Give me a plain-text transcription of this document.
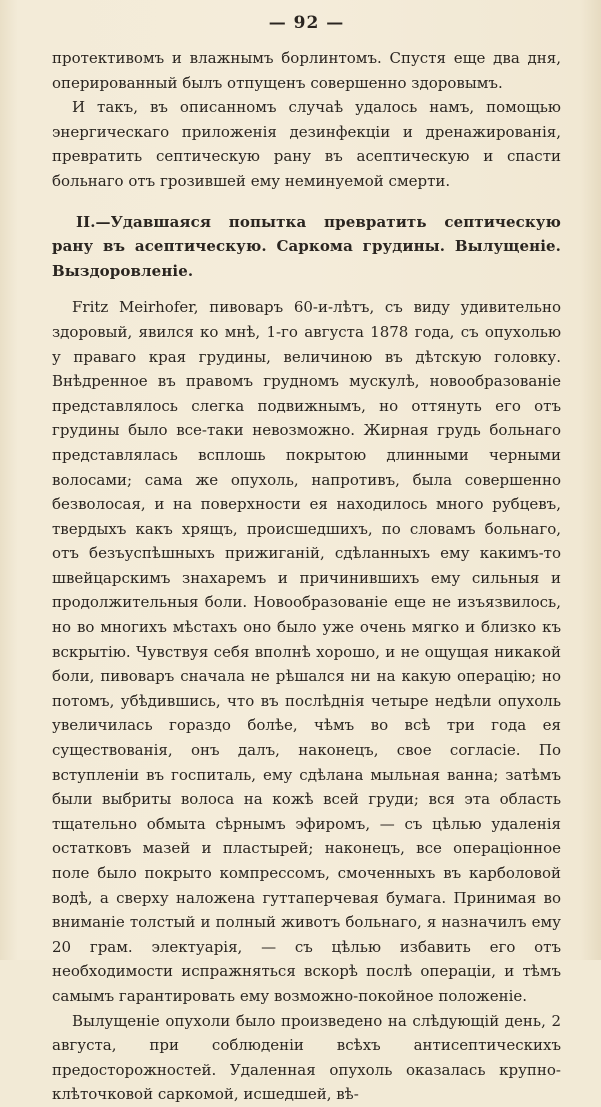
— 92 —

протективомъ и влажнымъ борлинтомъ. Спустя еще два дня, оперированный былъ отпущенъ совершенно здоровымъ.

И такъ, въ описанномъ случаѣ удалось намъ, помощью энергическаго приложенія дезинфекціи и дренажированія, превратить септическую рану въ асептическую и спасти больнаго отъ грозившей ему неминуемой смерти.

II.—Удавшаяся попытка превратить септическую рану въ асептическую. Саркома грудины. Вылущеніе. Выздоровленіе.

Fritz Meirhofer, пивоваръ 60-и-лѣтъ, съ виду удивительно здоровый, явился ко мнѣ, 1-го августа 1878 года, съ опухолью у праваго края грудины, величиною въ дѣтскую головку. Внѣдренное въ правомъ грудномъ мускулѣ, новообразованіе представлялось слегка подвижнымъ, но оттянуть его отъ грудины было все-таки невозможно. Жирная грудь больнаго представлялась всплошь покрытою длинными черными волосами; сама же опухоль, напротивъ, была совершенно безволосая, и на поверхности ея находилось много рубцевъ, твердыхъ какъ хрящъ, происшедшихъ, по словамъ больнаго, отъ безъуспѣшныхъ прижиганій, сдѣланныхъ ему какимъ-то швейцарскимъ знахаремъ и причинившихъ ему сильныя и продолжительныя боли. Новообразованіе еще не изъязвилось, но во многихъ мѣстахъ оно было уже очень мягко и близко къ вскрытію. Чувствуя себя вполнѣ хорошо, и не ощущая никакой боли, пивоваръ сначала не рѣшался ни на какую операцію; но потомъ, убѣдившись, что въ послѣднія четыре недѣли опухоль увеличилась гораздо болѣе, чѣмъ во всѣ три года ея существованія, онъ далъ, наконецъ, свое согласіе. По вступленіи въ госпиталь, ему сдѣлана мыльная ванна; затѣмъ были выбриты волоса на кожѣ всей груди; вся эта область тщательно обмыта сѣрнымъ эфиромъ, — съ цѣлью удаленія остатковъ мазей и пластырей; наконецъ, все операціонное поле было покрыто компрессомъ, смоченныхъ въ карболовой водѣ, а сверху наложена гуттаперчевая бумага. Принимая во вниманіе толстый и полный животъ больнаго, я назначилъ ему 20 грам. электуарія, — съ цѣлью избавить его отъ необходимости испражняться вскорѣ послѣ операціи, и тѣмъ самымъ гарантировать ему возможно-покойное положеніе.

Вылущеніе опухоли было произведено на слѣдующій день, 2 августа, при соблюденіи всѣхъ антисептическихъ предосторожностей. Удаленная опухоль оказалась крупно-клѣточковой саркомой, исшедшей, вѣ-
